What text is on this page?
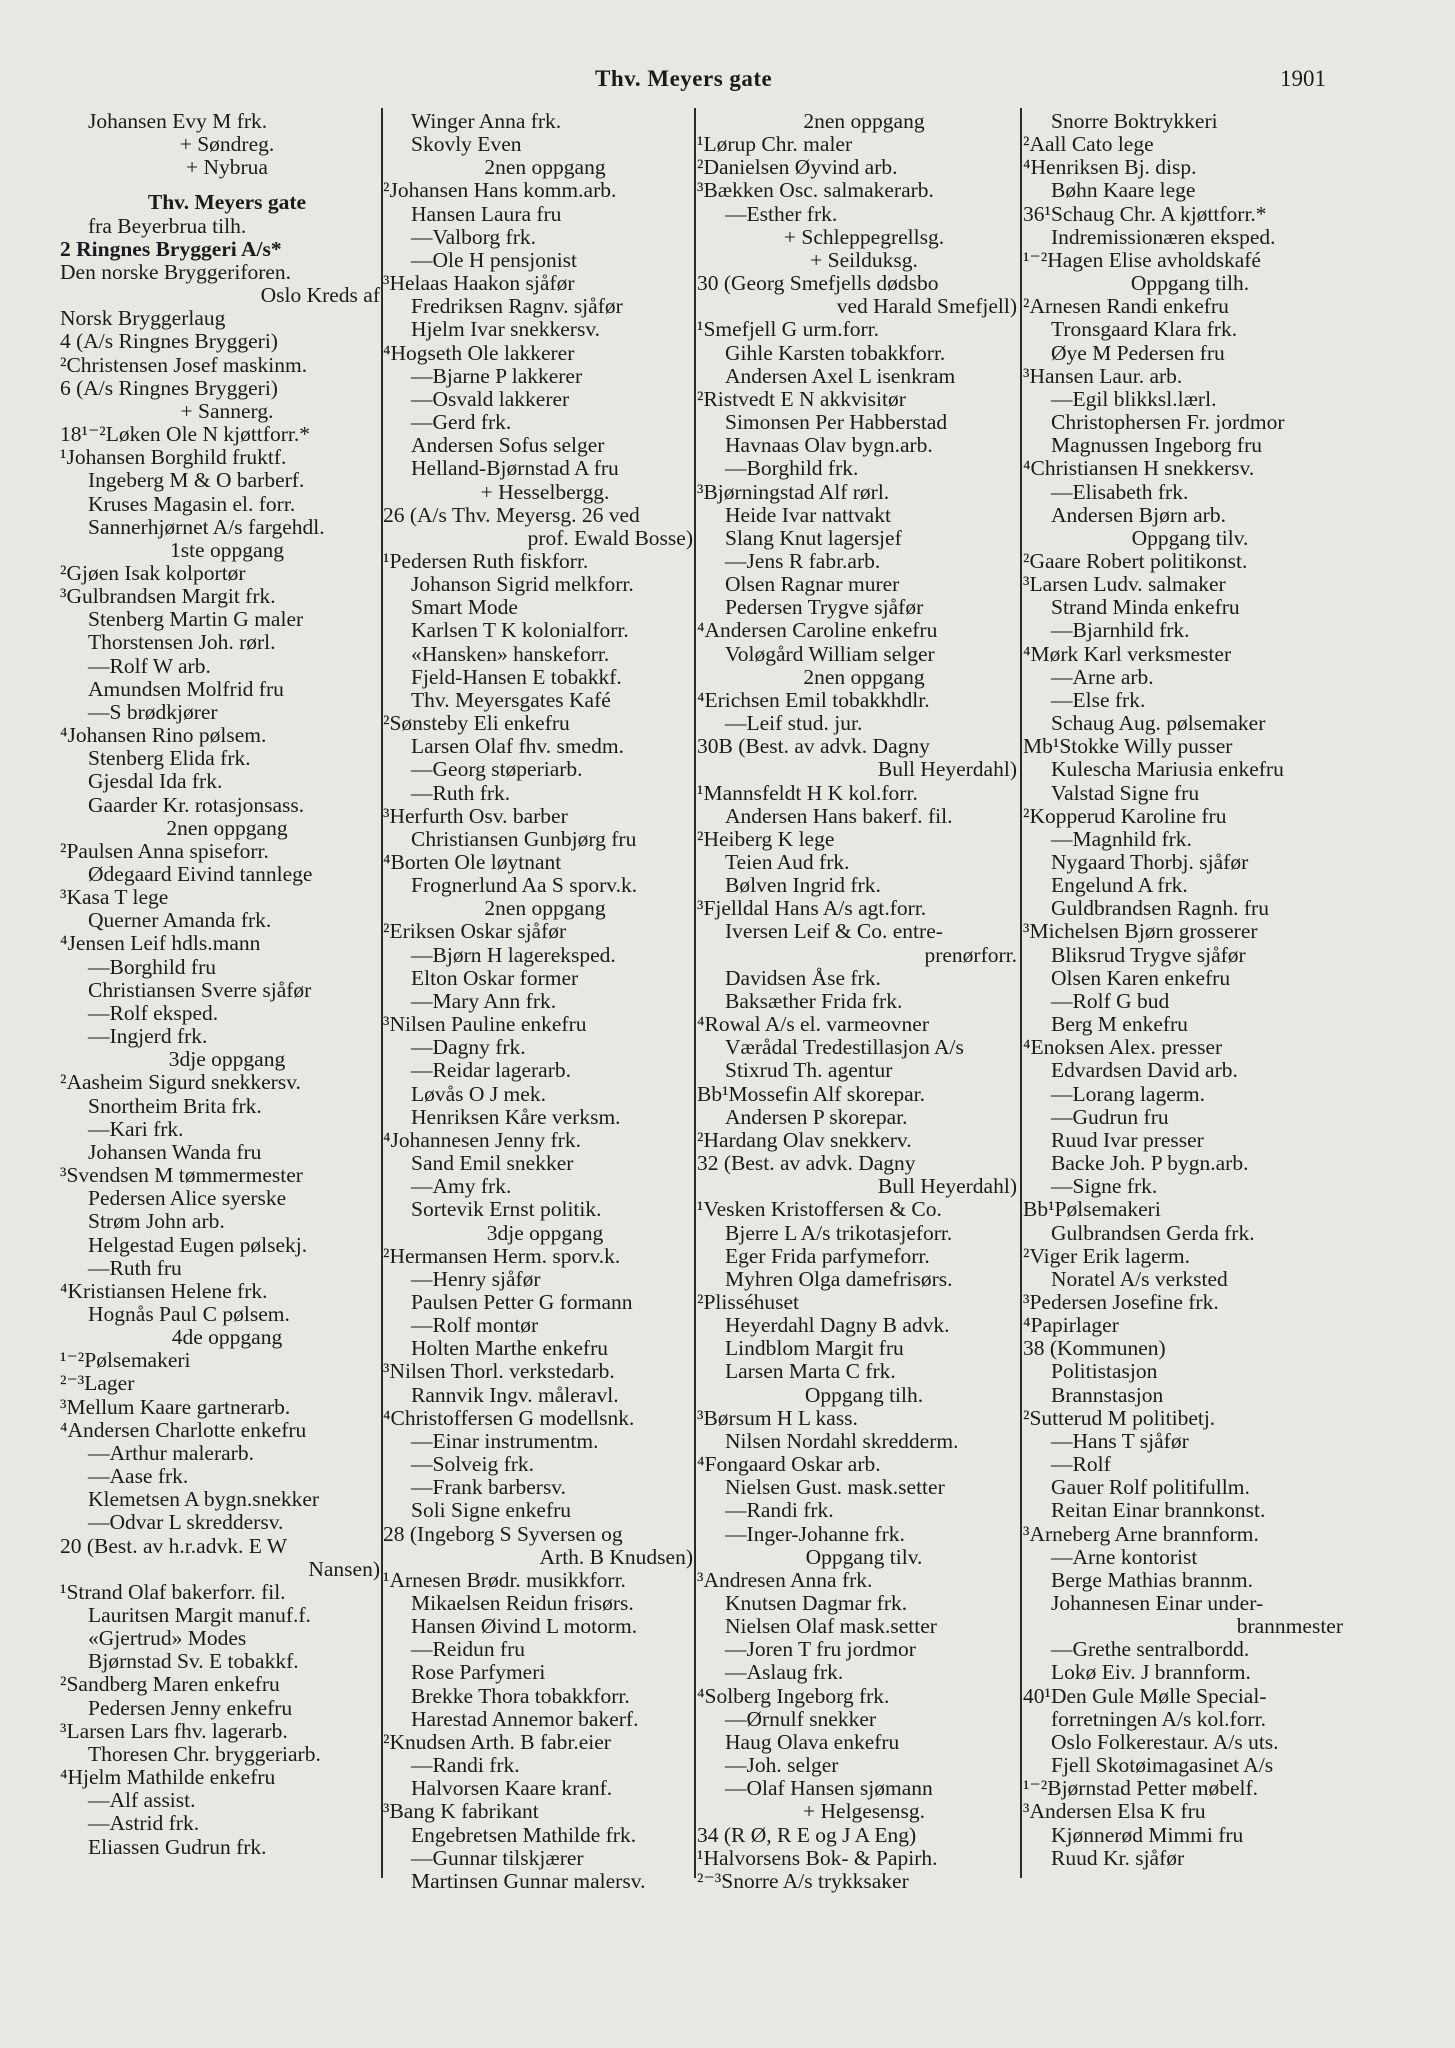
Thv. Meyers gate	1901
Johansen Evy M frk.
+ Søndreg.
+ Nybrua
Thv. Meyers gate
fra Beyerbrua tilh.
2 Ringnes Bryggeri A/s*
Den norske Bryggeriforen.
Oslo Kreds af
Norsk Bryggerlaug
4 (A/s Ringnes Bryggeri)
²Christensen Josef maskinm.
6 (A/s Ringnes Bryggeri)
+ Sannerg.
18¹⁻²Løken Ole N kjøttforr.*
¹Johansen Borghild fruktf.
Ingeberg M & O barberf.
Kruses Magasin el. forr.
Sannerhjørnet A/s fargehdl.
1ste oppgang
²Gjøen Isak kolportør
³Gulbrandsen Margit frk.
Stenberg Martin G maler
Thorstensen Joh. rørl.
—Rolf W arb.
Amundsen Molfrid fru
—S brødkjører
⁴Johansen Rino pølsem.
Stenberg Elida frk.
Gjesdal Ida frk.
Gaarder Kr. rotasjonsass.
2nen oppgang
²Paulsen Anna spiseforr.
Ødegaard Eivind tannlege
³Kasa T lege
Querner Amanda frk.
⁴Jensen Leif hdls.mann
—Borghild fru
Christiansen Sverre sjåfør
—Rolf eksped.
—Ingjerd frk.
3dje oppgang
²Aasheim Sigurd snekkersv.
Snortheim Brita frk.
—Kari frk.
Johansen Wanda fru
³Svendsen M tømmermester
Pedersen Alice syerske
Strøm John arb.
Helgestad Eugen pølsekj.
—Ruth fru
⁴Kristiansen Helene frk.
Hognås Paul C pølsem.
4de oppgang
¹⁻²Pølsemakeri
²⁻³Lager
³Mellum Kaare gartnerarb.
⁴Andersen Charlotte enkefru
—Arthur malerarb.
—Aase frk.
Klemetsen A bygn.snekker
—Odvar L skreddersv.
20 (Best. av h.r.advk. E W
Nansen)
¹Strand Olaf bakerforr. fil.
Lauritsen Margit manuf.f.
«Gjertrud» Modes
Bjørnstad Sv. E tobakkf.
²Sandberg Maren enkefru
Pedersen Jenny enkefru
³Larsen Lars fhv. lagerarb.
Thoresen Chr. bryggeriarb.
⁴Hjelm Mathilde enkefru
—Alf assist.
—Astrid frk.
Eliassen Gudrun frk.
Winger Anna frk.
Skovly Even
2nen oppgang
²Johansen Hans komm.arb.
Hansen Laura fru
—Valborg frk.
—Ole H pensjonist
³Helaas Haakon sjåfør
Fredriksen Ragnv. sjåfør
Hjelm Ivar snekkersv.
⁴Hogseth Ole lakkerer
—Bjarne P lakkerer
—Osvald lakkerer
—Gerd frk.
Andersen Sofus selger
Helland-Bjørnstad A fru
+ Hesselbergg.
26 (A/s Thv. Meyersg. 26 ved
prof. Ewald Bosse)
¹Pedersen Ruth fiskforr.
Johanson Sigrid melkforr.
Smart Mode
Karlsen T K kolonialforr.
«Hansken» hanskeforr.
Fjeld-Hansen E tobakkf.
Thv. Meyersgates Kafé
²Sønsteby Eli enkefru
Larsen Olaf fhv. smedm.
—Georg støperiarb.
—Ruth frk.
³Herfurth Osv. barber
Christiansen Gunbjørg fru
⁴Borten Ole løytnant
Frognerlund Aa S sporv.k.
2nen oppgang
²Eriksen Oskar sjåfør
—Bjørn H lagereksped.
Elton Oskar former
—Mary Ann frk.
³Nilsen Pauline enkefru
—Dagny frk.
—Reidar lagerarb.
Løvås O J mek.
Henriksen Kåre verksm.
⁴Johannesen Jenny frk.
Sand Emil snekker
—Amy frk.
Sortevik Ernst politik.
3dje oppgang
²Hermansen Herm. sporv.k.
—Henry sjåfør
Paulsen Petter G formann
—Rolf montør
Holten Marthe enkefru
³Nilsen Thorl. verkstedarb.
Rannvik Ingv. måleravl.
⁴Christoffersen G modellsnk.
—Einar instrumentm.
—Solveig frk.
—Frank barbersv.
Soli Signe enkefru
28 (Ingeborg S Syversen og
Arth. B Knudsen)
¹Arnesen Brødr. musikkforr.
Mikaelsen Reidun frisørs.
Hansen Øivind L motorm.
—Reidun fru
Rose Parfymeri
Brekke Thora tobakkforr.
Harestad Annemor bakerf.
²Knudsen Arth. B fabr.eier
—Randi frk.
Halvorsen Kaare kranf.
³Bang K fabrikant
Engebretsen Mathilde frk.
—Gunnar tilskjærer
Martinsen Gunnar malersv.
2nen oppgang
¹Lørup Chr. maler
²Danielsen Øyvind arb.
³Bækken Osc. salmakerarb.
—Esther frk.
+ Schleppegrellsg.
+ Seilduksg.
30 (Georg Smefjells dødsbo
ved Harald Smefjell)
¹Smefjell G urm.forr.
Gihle Karsten tobakkforr.
Andersen Axel L isenkram
²Ristvedt E N akkvisitør
Simonsen Per Habberstad
Havnaas Olav bygn.arb.
—Borghild frk.
³Bjørningstad Alf rørl.
Heide Ivar nattvakt
Slang Knut lagersjef
—Jens R fabr.arb.
Olsen Ragnar murer
Pedersen Trygve sjåfør
⁴Andersen Caroline enkefru
Voløgård William selger
2nen oppgang
⁴Erichsen Emil tobakkhdlr.
—Leif stud. jur.
30B (Best. av advk. Dagny
Bull Heyerdahl)
¹Mannsfeldt H K kol.forr.
Andersen Hans bakerf. fil.
²Heiberg K lege
Teien Aud frk.
Bølven Ingrid frk.
³Fjelldal Hans A/s agt.forr.
Iversen Leif & Co. entre-
prenørforr.
Davidsen Åse frk.
Baksæther Frida frk.
⁴Rowal A/s el. varmeovner
Værådal Tredestillasjon A/s
Stixrud Th. agentur
Bb¹Mossefin Alf skorepar.
Andersen P skorepar.
²Hardang Olav snekkerv.
32 (Best. av advk. Dagny
Bull Heyerdahl)
¹Vesken Kristoffersen & Co.
Bjerre L A/s trikotasjeforr.
Eger Frida parfymeforr.
Myhren Olga damefrisørs.
²Plisséhuset
Heyerdahl Dagny B advk.
Lindblom Margit fru
Larsen Marta C frk.
Oppgang tilh.
³Børsum H L kass.
Nilsen Nordahl skredderm.
⁴Fongaard Oskar arb.
Nielsen Gust. mask.setter
—Randi frk.
—Inger-Johanne frk.
Oppgang tilv.
³Andresen Anna frk.
Knutsen Dagmar frk.
Nielsen Olaf mask.setter
—Joren T fru jordmor
—Aslaug frk.
⁴Solberg Ingeborg frk.
—Ørnulf snekker
Haug Olava enkefru
—Joh. selger
—Olaf Hansen sjømann
+ Helgesensg.
34 (R Ø, R E og J A Eng)
¹Halvorsens Bok- & Papirh.
²⁻³Snorre A/s trykksaker
Snorre Boktrykkeri
²Aall Cato lege
⁴Henriksen Bj. disp.
Bøhn Kaare lege
36¹Schaug Chr. A kjøttforr.*
Indremissionæren eksped.
¹⁻²Hagen Elise avholdskafé
Oppgang tilh.
²Arnesen Randi enkefru
Tronsgaard Klara frk.
Øye M Pedersen fru
³Hansen Laur. arb.
—Egil blikksl.lærl.
Christophersen Fr. jordmor
Magnussen Ingeborg fru
⁴Christiansen H snekkersv.
—Elisabeth frk.
Andersen Bjørn arb.
Oppgang tilv.
²Gaare Robert politikonst.
³Larsen Ludv. salmaker
Strand Minda enkefru
—Bjarnhild frk.
⁴Mørk Karl verksmester
—Arne arb.
—Else frk.
Schaug Aug. pølsemaker
Mb¹Stokke Willy pusser
Kulescha Mariusia enkefru
Valstad Signe fru
²Kopperud Karoline fru
—Magnhild frk.
Nygaard Thorbj. sjåfør
Engelund A frk.
Guldbrandsen Ragnh. fru
³Michelsen Bjørn grosserer
Bliksrud Trygve sjåfør
Olsen Karen enkefru
—Rolf G bud
Berg M enkefru
⁴Enoksen Alex. presser
Edvardsen David arb.
—Lorang lagerm.
—Gudrun fru
Ruud Ivar presser
Backe Joh. P bygn.arb.
—Signe frk.
Bb¹Pølsemakeri
Gulbrandsen Gerda frk.
²Viger Erik lagerm.
Noratel A/s verksted
³Pedersen Josefine frk.
⁴Papirlager
38 (Kommunen)
Politistasjon
Brannstasjon
²Sutterud M politibetj.
—Hans T sjåfør
—Rolf
Gauer Rolf politifullm.
Reitan Einar brannkonst.
³Arneberg Arne brannform.
—Arne kontorist
Berge Mathias brannm.
Johannesen Einar under-
brannmester
—Grethe sentralbordd.
Lokø Eiv. J brannform.
40¹Den Gule Mølle Special-
forretningen A/s kol.forr.
Oslo Folkerestaur. A/s uts.
Fjell Skotøimagasinet A/s
¹⁻²Bjørnstad Petter møbelf.
³Andersen Elsa K fru
Kjønnerød Mimmi fru
Ruud Kr. sjåfør
